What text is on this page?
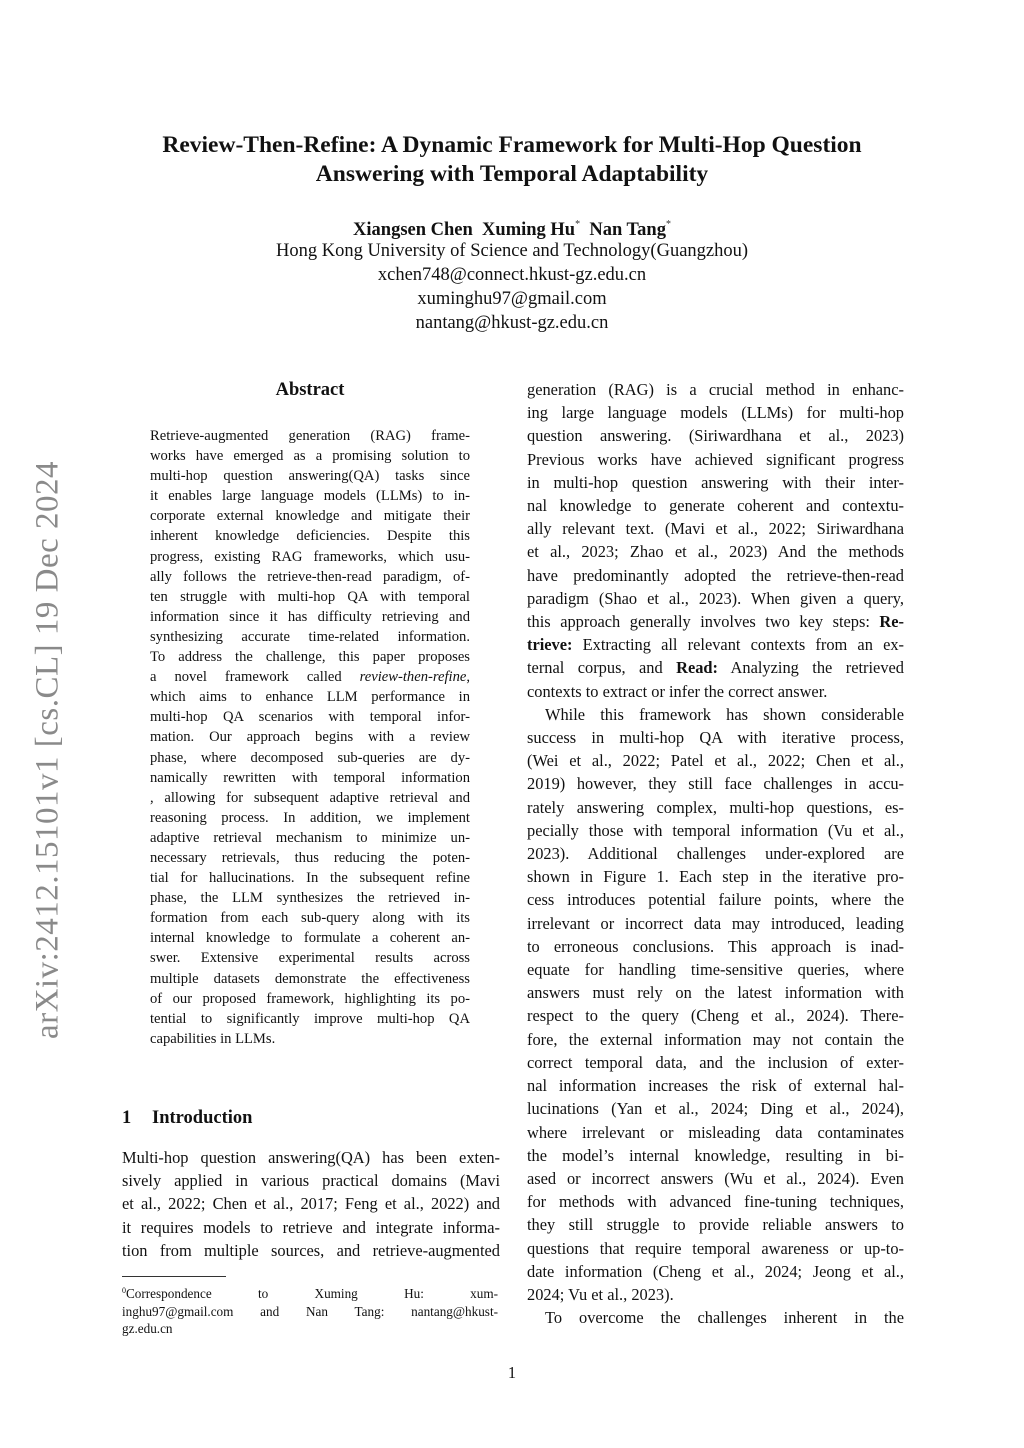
arXiv:2412.15101v1 [cs.CL] 19 Dec 2024
Review-Then-Refine: A Dynamic Framework for Multi-Hop Question
Answering with Temporal Adaptability
Xiangsen Chen Xuming Hu* Nan Tang*
Hong Kong University of Science and Technology(Guangzhou)
xchen748@connect.hkust-gz.edu.cn
xuminghu97@gmail.com
nantang@hkust-gz.edu.cn
Abstract
Retrieve-augmented generation (RAG) frame-
works have emerged as a promising solution to
multi-hop question answering(QA) tasks since
it enables large language models (LLMs) to in-
corporate external knowledge and mitigate their
inherent knowledge deficiencies. Despite this
progress, existing RAG frameworks, which usu-
ally follows the retrieve-then-read paradigm, of-
ten struggle with multi-hop QA with temporal
information since it has difficulty retrieving and
synthesizing accurate time-related information.
To address the challenge, this paper proposes
a novel framework called review-then-refine,
which aims to enhance LLM performance in
multi-hop QA scenarios with temporal infor-
mation. Our approach begins with a review
phase, where decomposed sub-queries are dy-
namically rewritten with temporal information
, allowing for subsequent adaptive retrieval and
reasoning process. In addition, we implement
adaptive retrieval mechanism to minimize un-
necessary retrievals, thus reducing the poten-
tial for hallucinations. In the subsequent refine
phase, the LLM synthesizes the retrieved in-
formation from each sub-query along with its
internal knowledge to formulate a coherent an-
swer. Extensive experimental results across
multiple datasets demonstrate the effectiveness
of our proposed framework, highlighting its po-
tential to significantly improve multi-hop QA
capabilities in LLMs.
1 Introduction
Multi-hop question answering(QA) has been exten-
sively applied in various practical domains (Mavi
et al., 2022; Chen et al., 2017; Feng et al., 2022) and
it requires models to retrieve and integrate informa-
tion from multiple sources, and retrieve-augmented
$^0$Correspondence to Xuming Hu: xum-
inghu97@gmail.com and Nan Tang: nantang@hkust-
gz.edu.cn
generation (RAG) is a crucial method in enhanc-
ing large language models (LLMs) for multi-hop
question answering. (Siriwardhana et al., 2023)
Previous works have achieved significant progress
in multi-hop question answering with their inter-
nal knowledge to generate coherent and contextu-
ally relevant text. (Mavi et al., 2022; Siriwardhana
et al., 2023; Zhao et al., 2023) And the methods
have predominantly adopted the retrieve-then-read
paradigm (Shao et al., 2023). When given a query,
this approach generally involves two key steps: Re-
trieve: Extracting all relevant contexts from an ex-
ternal corpus, and Read: Analyzing the retrieved
contexts to extract or infer the correct answer.
While this framework has shown considerable
success in multi-hop QA with iterative process,
(Wei et al., 2022; Patel et al., 2022; Chen et al.,
2019) however, they still face challenges in accu-
rately answering complex, multi-hop questions, es-
pecially those with temporal information (Vu et al.,
2023). Additional challenges under-explored are
shown in Figure 1. Each step in the iterative pro-
cess introduces potential failure points, where the
irrelevant or incorrect data may introduced, leading
to erroneous conclusions. This approach is inad-
equate for handling time-sensitive queries, where
answers must rely on the latest information with
respect to the query (Cheng et al., 2024). There-
fore, the external information may not contain the
correct temporal data, and the inclusion of exter-
nal information increases the risk of external hal-
lucinations (Yan et al., 2024; Ding et al., 2024),
where irrelevant or misleading data contaminates
the model’s internal knowledge, resulting in bi-
ased or incorrect answers (Wu et al., 2024). Even
for methods with advanced fine-tuning techniques,
they still struggle to provide reliable answers to
questions that require temporal awareness or up-to-
date information (Cheng et al., 2024; Jeong et al.,
2024; Vu et al., 2023).
To overcome the challenges inherent in the
1
